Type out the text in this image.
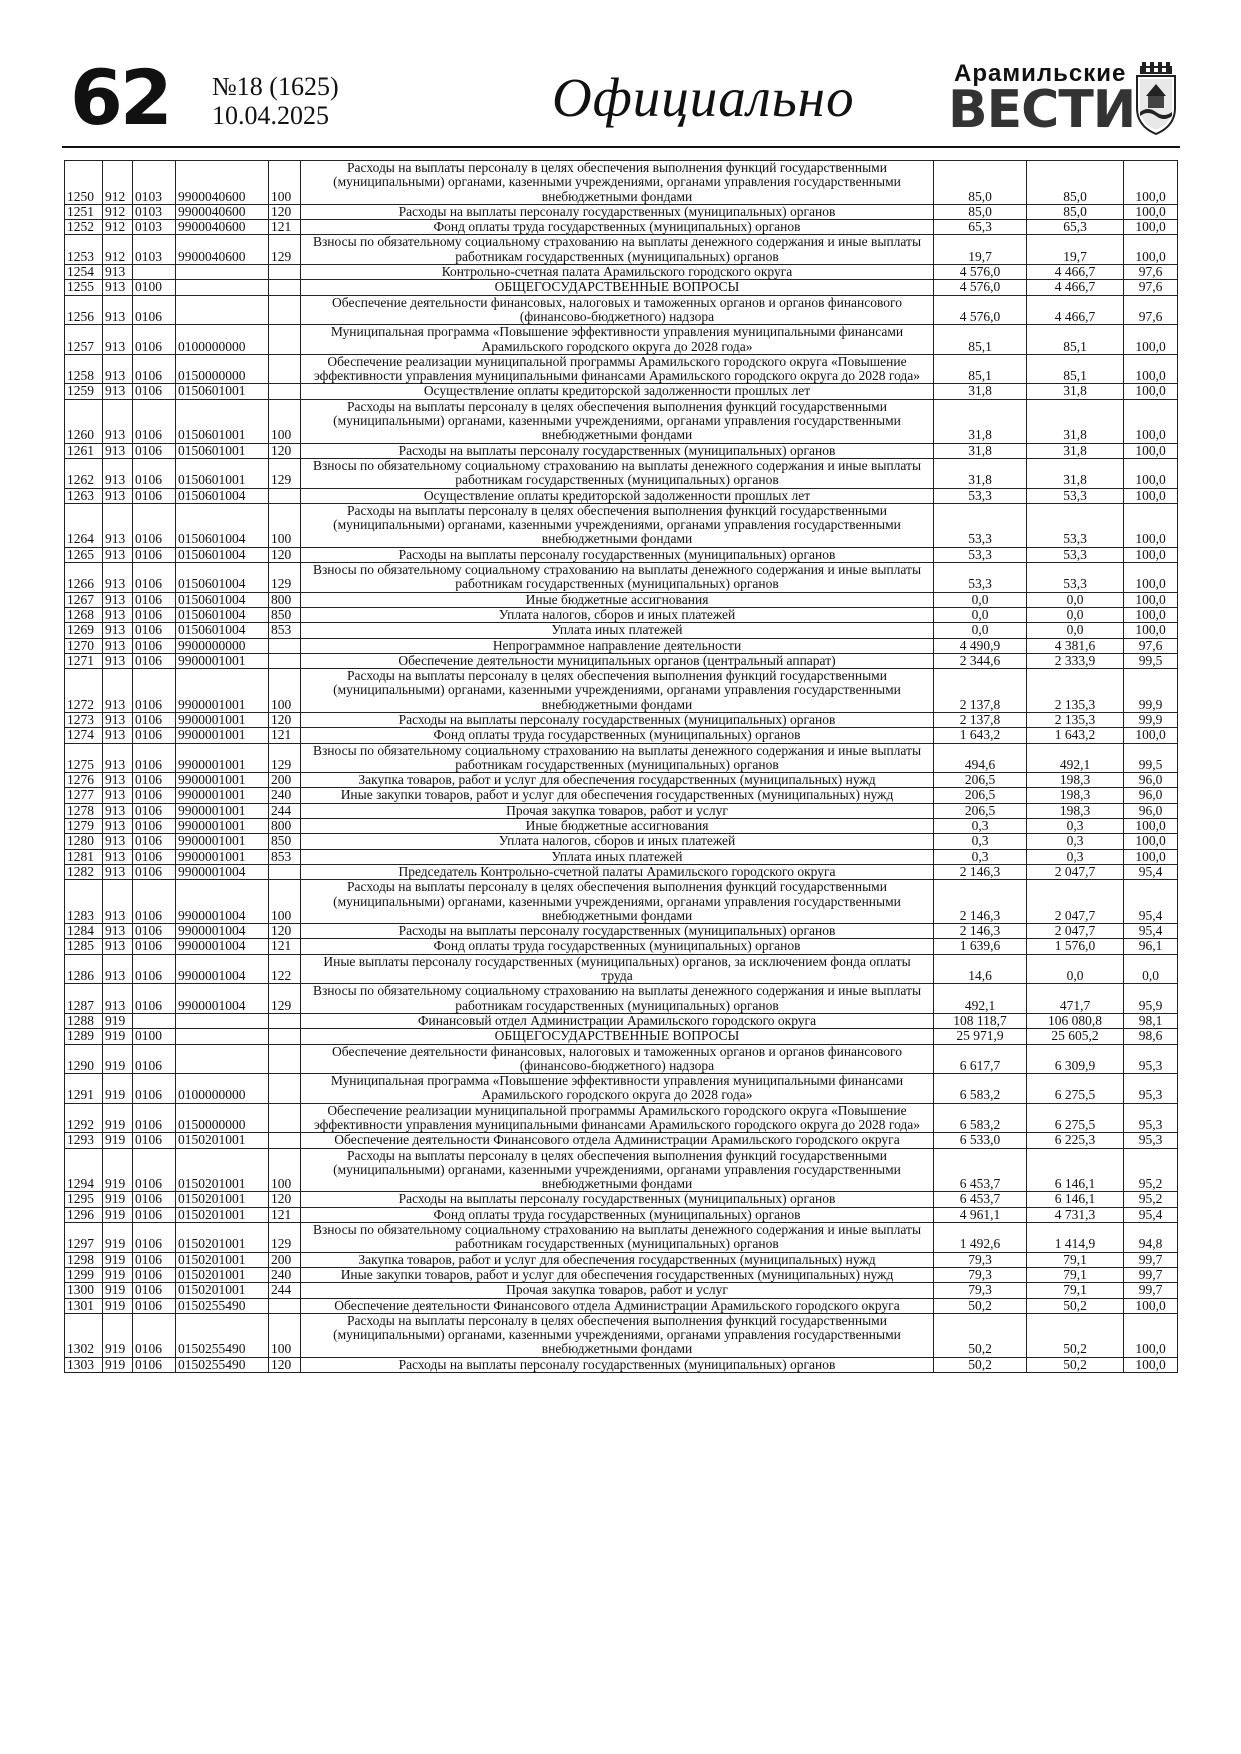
62 №18 (1625)
10.04.2025	Официально	Арамильские
ВЕСТИ
1250	912	0103	9900040600	100	Расходы на выплаты персоналу в целях обеспечения выполнения функций государственными (муниципальными) органами, казенными учреждениями, органами управления государственными внебюджетными фондами	85,0	85,0	100,0
1251	912	0103	9900040600	120	Расходы на выплаты персоналу государственных (муниципальных) органов	85,0	85,0	100,0
1252	912	0103	9900040600	121	Фонд оплаты труда государственных (муниципальных) органов	65,3	65,3	100,0
1253	912	0103	9900040600	129	Взносы по обязательному социальному страхованию на выплаты денежного содержания и иные выплаты работникам государственных (муниципальных) органов	19,7	19,7	100,0
1254	913				Контрольно-счетная палата Арамильского городского округа	4 576,0	4 466,7	97,6
1255	913	0100			ОБЩЕГОСУДАРСТВЕННЫЕ ВОПРОСЫ	4 576,0	4 466,7	97,6
1256	913	0106			Обеспечение деятельности финансовых, налоговых и таможенных органов и органов финансового (финансово-бюджетного) надзора	4 576,0	4 466,7	97,6
1257	913	0106	0100000000		Муниципальная программа «Повышение эффективности управления муниципальными финансами Арамильского городского округа до 2028 года»	85,1	85,1	100,0
1258	913	0106	0150000000		Обеспечение реализации муниципальной программы Арамильского городского округа «Повышение эффективности управления муниципальными финансами Арамильского городского округа до 2028 года»	85,1	85,1	100,0
1259	913	0106	0150601001		Осуществление оплаты кредиторской задолженности прошлых лет	31,8	31,8	100,0
1260	913	0106	0150601001	100	Расходы на выплаты персоналу в целях обеспечения выполнения функций государственными (муниципальными) органами, казенными учреждениями, органами управления государственными внебюджетными фондами	31,8	31,8	100,0
1261	913	0106	0150601001	120	Расходы на выплаты персоналу государственных (муниципальных) органов	31,8	31,8	100,0
1262	913	0106	0150601001	129	Взносы по обязательному социальному страхованию на выплаты денежного содержания и иные выплаты работникам государственных (муниципальных) органов	31,8	31,8	100,0
1263	913	0106	0150601004		Осуществление оплаты кредиторской задолженности прошлых лет	53,3	53,3	100,0
1264	913	0106	0150601004	100	Расходы на выплаты персоналу в целях обеспечения выполнения функций государственными (муниципальными) органами, казенными учреждениями, органами управления государственными внебюджетными фондами	53,3	53,3	100,0
1265	913	0106	0150601004	120	Расходы на выплаты персоналу государственных (муниципальных) органов	53,3	53,3	100,0
1266	913	0106	0150601004	129	Взносы по обязательному социальному страхованию на выплаты денежного содержания и иные выплаты работникам государственных (муниципальных) органов	53,3	53,3	100,0
1267	913	0106	0150601004	800	Иные бюджетные ассигнования	0,0	0,0	100,0
1268	913	0106	0150601004	850	Уплата налогов, сборов и иных платежей	0,0	0,0	100,0
1269	913	0106	0150601004	853	Уплата иных платежей	0,0	0,0	100,0
1270	913	0106	9900000000		Непрограммное направление деятельности	4 490,9	4 381,6	97,6
1271	913	0106	9900001001		Обеспечение деятельности муниципальных органов (центральный аппарат)	2 344,6	2 333,9	99,5
1272	913	0106	9900001001	100	Расходы на выплаты персоналу в целях обеспечения выполнения функций государственными (муниципальными) органами, казенными учреждениями, органами управления государственными внебюджетными фондами	2 137,8	2 135,3	99,9
1273	913	0106	9900001001	120	Расходы на выплаты персоналу государственных (муниципальных) органов	2 137,8	2 135,3	99,9
1274	913	0106	9900001001	121	Фонд оплаты труда государственных (муниципальных) органов	1 643,2	1 643,2	100,0
1275	913	0106	9900001001	129	Взносы по обязательному социальному страхованию на выплаты денежного содержания и иные выплаты работникам государственных (муниципальных) органов	494,6	492,1	99,5
1276	913	0106	9900001001	200	Закупка товаров, работ и услуг для обеспечения государственных (муниципальных) нужд	206,5	198,3	96,0
1277	913	0106	9900001001	240	Иные закупки товаров, работ и услуг для обеспечения государственных (муниципальных) нужд	206,5	198,3	96,0
1278	913	0106	9900001001	244	Прочая закупка товаров, работ и услуг	206,5	198,3	96,0
1279	913	0106	9900001001	800	Иные бюджетные ассигнования	0,3	0,3	100,0
1280	913	0106	9900001001	850	Уплата налогов, сборов и иных платежей	0,3	0,3	100,0
1281	913	0106	9900001001	853	Уплата иных платежей	0,3	0,3	100,0
1282	913	0106	9900001004		Председатель Контрольно-счетной палаты Арамильского городского округа	2 146,3	2 047,7	95,4
1283	913	0106	9900001004	100	Расходы на выплаты персоналу в целях обеспечения выполнения функций государственными (муниципальными) органами, казенными учреждениями, органами управления государственными внебюджетными фондами	2 146,3	2 047,7	95,4
1284	913	0106	9900001004	120	Расходы на выплаты персоналу государственных (муниципальных) органов	2 146,3	2 047,7	95,4
1285	913	0106	9900001004	121	Фонд оплаты труда государственных (муниципальных) органов	1 639,6	1 576,0	96,1
1286	913	0106	9900001004	122	Иные выплаты персоналу государственных (муниципальных) органов, за исключением фонда оплаты труда	14,6	0,0	0,0
1287	913	0106	9900001004	129	Взносы по обязательному социальному страхованию на выплаты денежного содержания и иные выплаты работникам государственных (муниципальных) органов	492,1	471,7	95,9
1288	919				Финансовый отдел Администрации Арамильского городского округа	108 118,7	106 080,8	98,1
1289	919	0100			ОБЩЕГОСУДАРСТВЕННЫЕ ВОПРОСЫ	25 971,9	25 605,2	98,6
1290	919	0106			Обеспечение деятельности финансовых, налоговых и таможенных органов и органов финансового (финансово-бюджетного) надзора	6 617,7	6 309,9	95,3
1291	919	0106	0100000000		Муниципальная программа «Повышение эффективности управления муниципальными финансами Арамильского городского округа до 2028 года»	6 583,2	6 275,5	95,3
1292	919	0106	0150000000		Обеспечение реализации муниципальной программы Арамильского городского округа «Повышение эффективности управления муниципальными финансами Арамильского городского округа до 2028 года»	6 583,2	6 275,5	95,3
1293	919	0106	0150201001		Обеспечение деятельности Финансового отдела Администрации Арамильского городского округа	6 533,0	6 225,3	95,3
1294	919	0106	0150201001	100	Расходы на выплаты персоналу в целях обеспечения выполнения функций государственными (муниципальными) органами, казенными учреждениями, органами управления государственными внебюджетными фондами	6 453,7	6 146,1	95,2
1295	919	0106	0150201001	120	Расходы на выплаты персоналу государственных (муниципальных) органов	6 453,7	6 146,1	95,2
1296	919	0106	0150201001	121	Фонд оплаты труда государственных (муниципальных) органов	4 961,1	4 731,3	95,4
1297	919	0106	0150201001	129	Взносы по обязательному социальному страхованию на выплаты денежного содержания и иные выплаты работникам государственных (муниципальных) органов	1 492,6	1 414,9	94,8
1298	919	0106	0150201001	200	Закупка товаров, работ и услуг для обеспечения государственных (муниципальных) нужд	79,3	79,1	99,7
1299	919	0106	0150201001	240	Иные закупки товаров, работ и услуг для обеспечения государственных (муниципальных) нужд	79,3	79,1	99,7
1300	919	0106	0150201001	244	Прочая закупка товаров, работ и услуг	79,3	79,1	99,7
1301	919	0106	0150255490		Обеспечение деятельности Финансового отдела Администрации Арамильского городского округа	50,2	50,2	100,0
1302	919	0106	0150255490	100	Расходы на выплаты персоналу в целях обеспечения выполнения функций государственными (муниципальными) органами, казенными учреждениями, органами управления государственными внебюджетными фондами	50,2	50,2	100,0
1303	919	0106	0150255490	120	Расходы на выплаты персоналу государственных (муниципальных) органов	50,2	50,2	100,0
